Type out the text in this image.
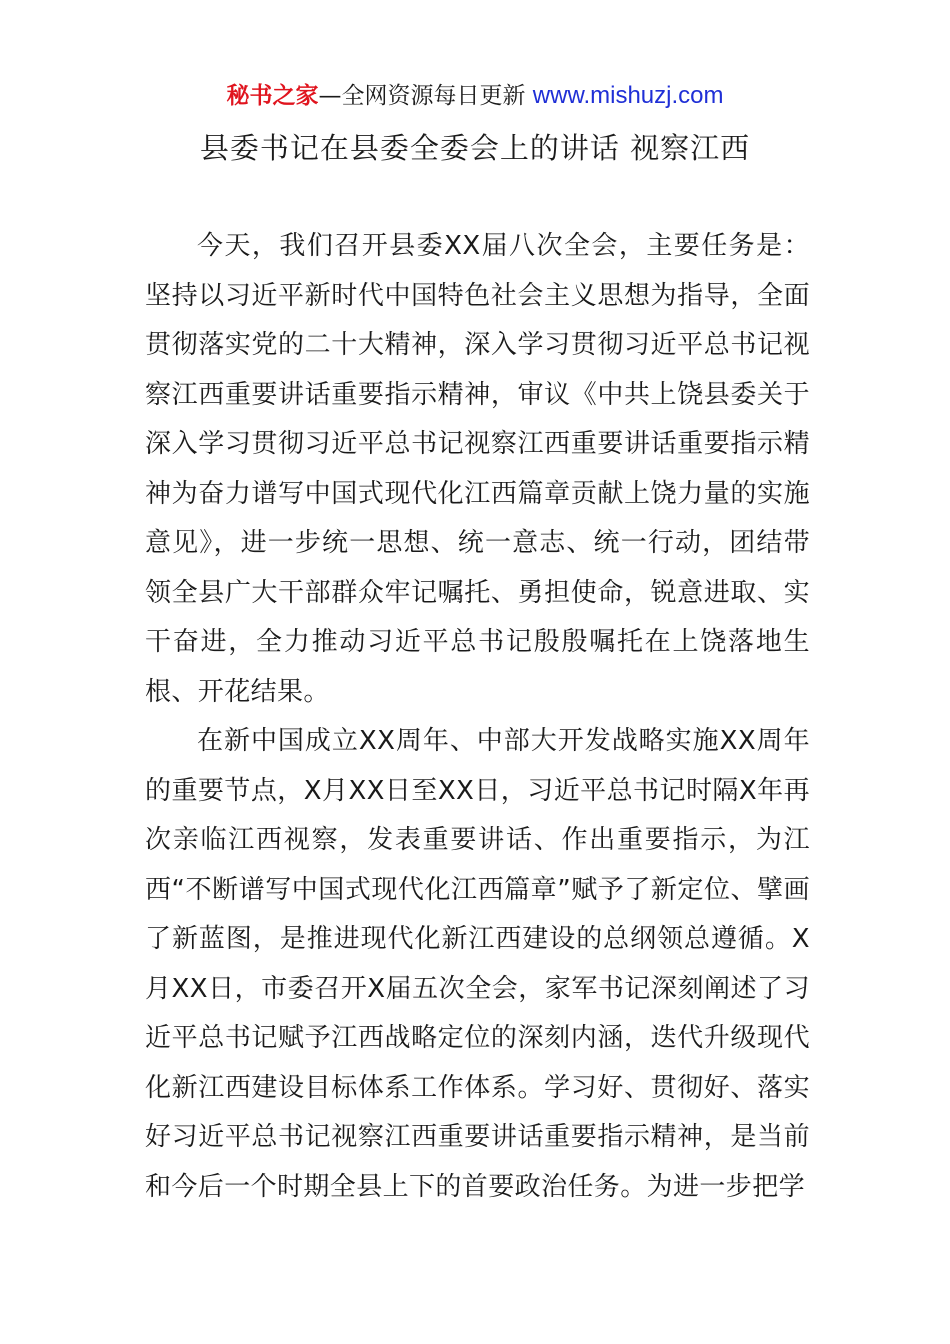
秘书之家—全网资源每日更新 www.mishuzj.com
县委书记在县委全委会上的讲话 视察江西

今天，我们召开县委XX届八次全会，主要任务是：坚持以习近平新时代中国特色社会主义思想为指导，全面贯彻落实党的二十大精神，深入学习贯彻习近平总书记视察江西重要讲话重要指示精神，审议《中共上饶县委关于深入学习贯彻习近平总书记视察江西重要讲话重要指示精神为奋力谱写中国式现代化江西篇章贡献上饶力量的实施意见》，进一步统一思想、统一意志、统一行动，团结带领全县广大干部群众牢记嘱托、勇担使命，锐意进取、实干奋进，全力推动习近平总书记殷殷嘱托在上饶落地生根、开花结果。

在新中国成立XX周年、中部大开发战略实施XX周年的重要节点，X月XX日至XX日，习近平总书记时隔X年再次亲临江西视察，发表重要讲话、作出重要指示，为江西“不断谱写中国式现代化江西篇章”赋予了新定位、擘画了新蓝图，是推进现代化新江西建设的总纲领总遵循。X月XX日，市委召开X届五次全会，家军书记深刻阐述了习近平总书记赋予江西战略定位的深刻内涵，迭代升级现代化新江西建设目标体系工作体系。学习好、贯彻好、落实好习近平总书记视察江西重要讲话重要指示精神，是当前和今后一个时期全县上下的首要政治任务。为进一步把学
